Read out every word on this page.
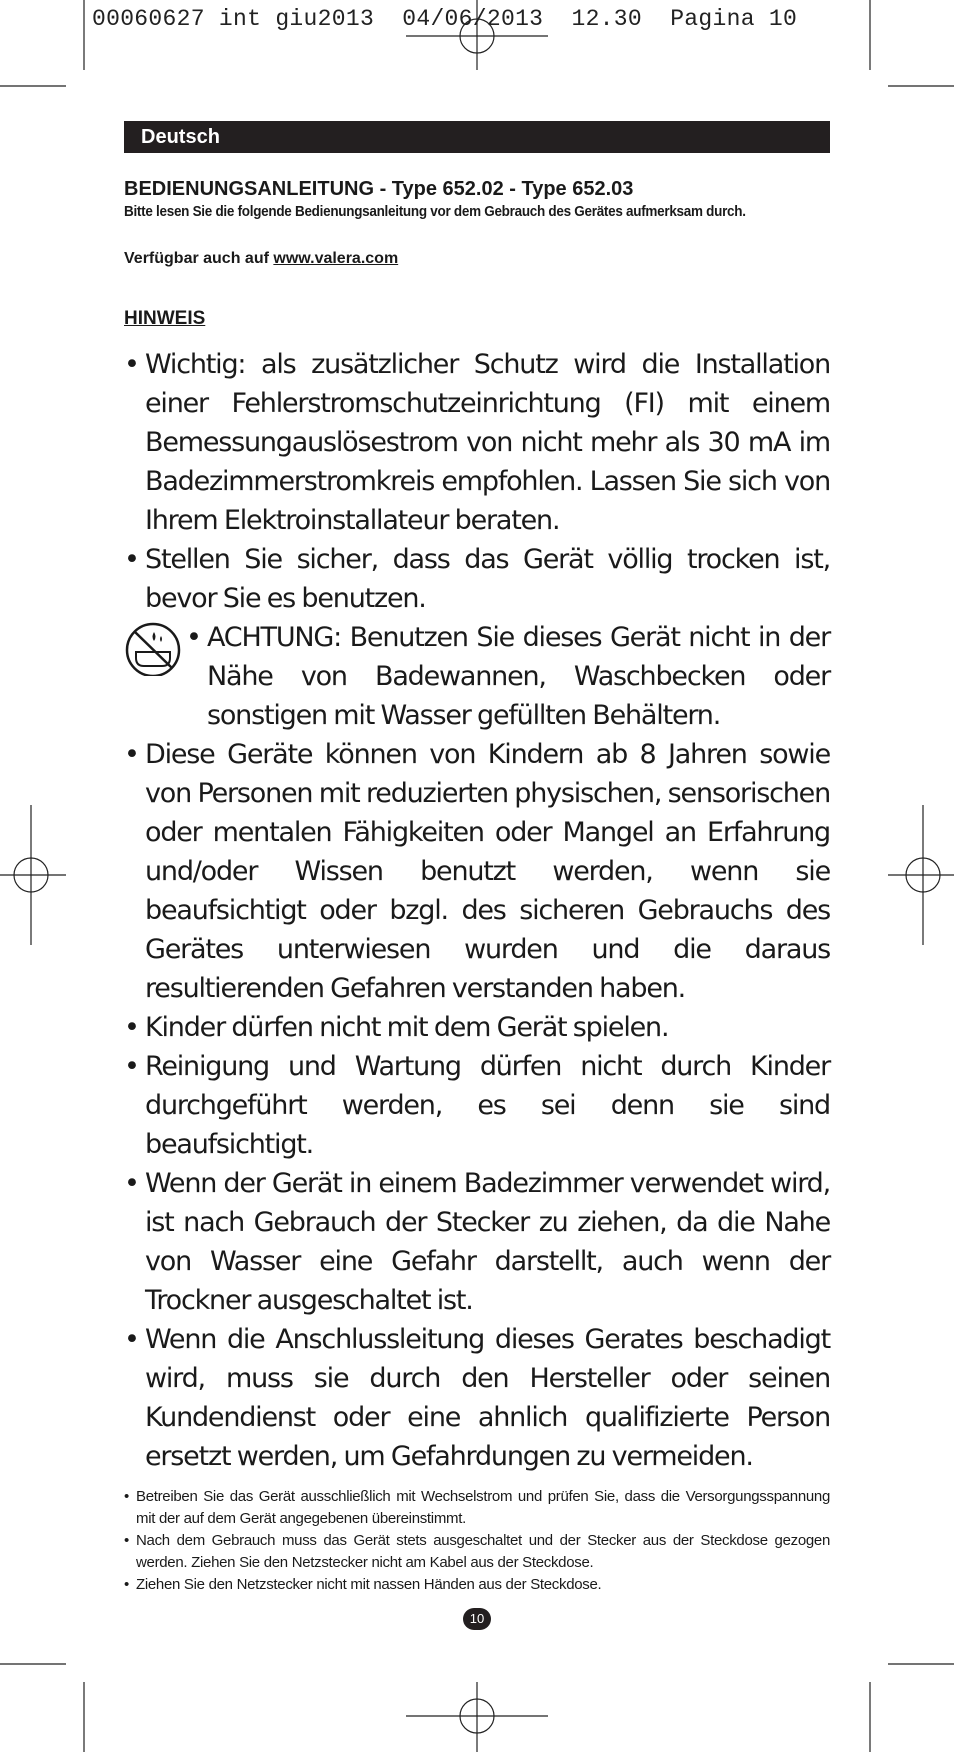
00060627 int giu2013  04/06/2013  12.30  Pagina 10
Deutsch
BEDIENUNGSANLEITUNG - Type 652.02 - Type 652.03
Bitte lesen Sie die folgende Bedienungsanleitung vor dem Gebrauch des Gerätes aufmerksam durch.
Verfügbar auch auf www.valera.com
HINWEIS
• Wichtig: als zusätzlicher Schutz wird die Installation einer Fehlerstromschutzeinrichtung (FI) mit einem Bemessungauslösestrom von nicht mehr als 30 mA im Badezimmerstromkreis empfohlen. Lassen Sie sich von Ihrem Elektroinstallateur beraten.
• Stellen Sie sicher, dass das Gerät völlig trocken ist, bevor Sie es benutzen.
• ACHTUNG: Benutzen Sie dieses Gerät nicht in der Nähe von Badewannen, Waschbecken oder sonstigen mit Wasser gefüllten Behältern.
• Diese Geräte können von Kindern ab 8 Jahren sowie von Personen mit reduzierten physischen, sensorischen oder mentalen Fähigkeiten oder Mangel an Erfahrung und/oder Wissen benutzt werden, wenn sie beaufsichtigt oder bzgl. des sicheren Gebrauchs des Gerätes unterwiesen wurden und die daraus resultierenden Gefahren verstanden haben.
• Kinder dürfen nicht mit dem Gerät spielen.
• Reinigung und Wartung dürfen nicht durch Kinder durchgeführt werden, es sei denn sie sind beaufsichtigt.
• Wenn der Gerät in einem Badezimmer verwendet wird, ist nach Gebrauch der Stecker zu ziehen, da die Nahe von Wasser eine Gefahr darstellt, auch wenn der Trockner ausgeschaltet ist.
• Wenn die Anschlussleitung dieses Gerates beschadigt wird, muss sie durch den Hersteller oder seinen Kundendienst oder eine ahnlich qualifizierte Person ersetzt werden, um Gefahrdungen zu vermeiden.
• Betreiben Sie das Gerät ausschließlich mit Wechselstrom und prüfen Sie, dass die Versorgungsspannung mit der auf dem Gerät angegebenen übereinstimmt.
• Nach dem Gebrauch muss das Gerät stets ausgeschaltet und der Stecker aus der Steckdose gezogen werden. Ziehen Sie den Netzstecker nicht am Kabel aus der Steckdose.
• Ziehen Sie den Netzstecker nicht mit nassen Händen aus der Steckdose.
10
